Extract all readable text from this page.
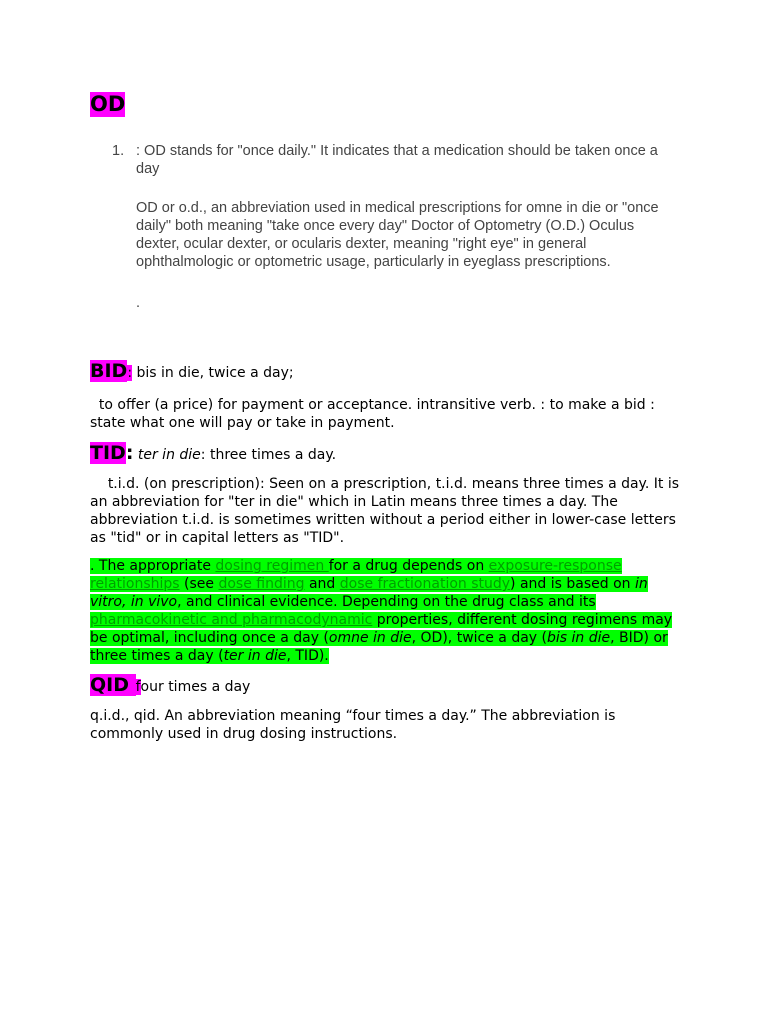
OD
1. : OD stands for "once daily." It indicates that a medication should be taken once a day

OD or o.d., an abbreviation used in medical prescriptions for omne in die or "once daily" both meaning "take once every day" Doctor of Optometry (O.D.) Oculus dexter, ocular dexter, or ocularis dexter, meaning "right eye" in general ophthalmologic or optometric usage, particularly in eyeglass prescriptions.

.

BID: bis in die, twice a day;

to offer (a price) for payment or acceptance. intransitive verb. : to make a bid : state what one will pay or take in payment.

TID: ter in die: three times a day.

t.i.d. (on prescription): Seen on a prescription, t.i.d. means three times a day. It is an abbreviation for "ter in die" which in Latin means three times a day. The abbreviation t.i.d. is sometimes written without a period either in lower-case letters as "tid" or in capital letters as "TID".

. The appropriate dosing regimen for a drug depends on exposure-response relationships (see dose finding and dose fractionation study) and is based on in vitro, in vivo, and clinical evidence. Depending on the drug class and its pharmacokinetic and pharmacodynamic properties, different dosing regimens may be optimal, including once a day (omne in die, OD), twice a day (bis in die, BID) or three times a day (ter in die, TID).

QID four times a day

q.i.d., qid. An abbreviation meaning “four times a day.” The abbreviation is commonly used in drug dosing instructions.
